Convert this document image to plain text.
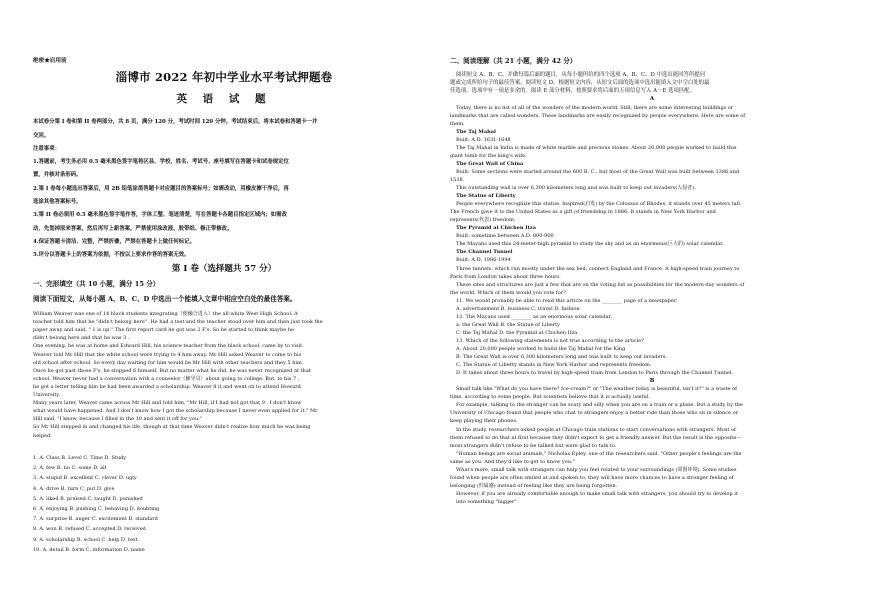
绝密★启用前
淄博市 2022 年初中学业水平考试押题卷
英 语 试 题
本试卷分第 I 卷和第 II 卷两部分，共 8 页，满分 120 分，考试时间 120 分钟。考试结束后，将本试卷和答题卡一并
交回。
注意事项：
1.答题前，考生务必用 0.5 毫米黑色签字笔将区县、学校、姓名、考试号、座号填写在答题卡和试卷规定位
置，并核对条形码。
2.第 I 卷每小题选出答案后，用 2B 铅笔涂黑答题卡对应题目的答案标号；如需改动，用橡皮擦干净后，再
选涂其他答案标号。
3.第 II 卷必须用 0.5 毫米黑色签字笔作答，字体工整、笔迹清楚，写在答题卡各题目指定区域内；如需改
动，先划掉原来答案，然后再写上新答案。严禁使用涂改液、胶带纸、修正带修改。
4.保证答题卡清洁、完整，严禁折叠，严禁在答题卡上做任何标记。
5.评分以答题卡上的答案为依据，不按以上要求作答的答案无效。
第 I 卷（选择题共 57 分）
一、完形填空（共 10 小题，满分 15 分）
阅读下面短文，从每小题 A、B、C、D 中选出一个能填入文章中相应空白处的最佳答案。
William Weaver was one of 14 black students integrating（使融合进入）the all-white West High School. A
teacher told him that he "didn't belong here". He had a test and the teacher stood over him and then just took the
paper away and said, " 1 is up." The first report card he got was 2 F's. So he started to think maybe he
didn't belong here and that he was 3 .
One evening, he was at home and Edward Hill, his science teacher from the black school, came by to visit.
Weaver told Mr Hill that the white school were trying to 4 him away. Mr Hill asked Weaver to come to his
old school after school. So every day waiting for him would be Mr Hill with other teachers and they 5 him.
Once he got past those F's, he stopped 6 himself. But no matter what he did, he was never recognized at that
school. Weaver never had a conversation with a counselor（辅导员）about going to college. But, to his 7 ,
he got a letter telling him he had been awarded a scholarship. Weaver 8 it and went on to attend Howard
University.
Many years later, Weaver came across Mr Hill and told him, "Mr Hill, if I had not got that 9 , I don't know
what would have happened. And I don't know how I got the scholarship because I never even applied for it." Mr
Hill said, "I know, because I filled in the 10 and sent it off for you."
So Mr Hill stepped in and changed his life, though at that time Weaver didn't realize how much he was being
helped.
1. A. Class B. Level C. Time D. Study
2. A. few B. no C. some D. all
3. A. stupid B. excellent C. clever D. ugly
4. A. drive B. turn C. put D. give
5. A. liked B. praised C. taught D. punished
6. A. enjoying B. pushing C. behaving D. doubting
7. A. surprise B. anger C. excitement D. standard
8. A. won B. refused C. accepted D. received
9. A. scholarship B. school C. help D. test
10. A. detail B. form C. information D. name
二、阅读理解（共 21 小题，满分 42 分）
阅读短文 A、B、C，并做每篇后面的题目，从每小题所给的四个选项 A、B、C、D 中选出能回答所提问
题或完成所给句子的最佳答案。阅读短文 D，根据短文内容，从短文后面的选项中选出能填入文中空白处的最
佳选项。选项中有一项是多余的。阅读 E 部分材料，按照要求将后面的五项信息写入 A～E 选项匹配。
A
Today, there is no list of all of the wonders of the modern world. Still, there are some interesting buildings or
landmarks that are called wonders. These landmarks are easily recognized by people everywhere. Here are some of
them.
The Taj Mahal
Built: A.D. 1631-1648
The Taj Mahal in India is made of white marble and precious stones. About 20,000 people worked to build this
giant tomb for the king's wife.
The Great Wall of China
Built: Some sections were started around the 600 B. C., but most of the Great Wall was built between 1386 and
1538.
This outstanding wall is over 6,300 kilometers long and was built to keep out invaders(入侵者).
The Statue of Liberty
People everywhere recognize this statue. Inspired(启发) by the Colossus of Rhodes, it stands over 45 meters tall.
The French gave it to the United States as a gift of friendship in 1886. It stands in New York Harbor and
represents(代表) freedom.
The Pyramid at Chichen Itza
Built: sometime between A.D. 800-900
The Mayans used this 24-meter-high pyramid to study the sky and as an enormous(巨大的) solar calendar.
The Channel Tunnel
Built: A.D. 1986-1994
Three tunnels, which run mostly under the sea bed, connect England and France. A high-speed train journey to
Paris from London takes about three hours.
These sites and structures are just a few that are on the voting list as possibilities for the modern-day wonders of
the world. Which of them would you vote for?
11. We would probably be able to read this article on the ________ page of a newspaper.
A. advertisement B. business C. travel D. fashion
12. The Mayans used ________ as an enormous solar calendar.
a. the Great Wall B. the Statue of Liberty
C. the Taj Mahal D. the Pyramid at Chichen Itza
13. Which of the following statements is not true according to the article?
A. About 20,000 people worked to build the Taj Mahal for the King.
B. The Great Wall is over 6,300 kilometers long and was built to keep out invaders.
C. The Statue of Liberty stands in New York Harbor and represents freedom.
D. It takes about three hours to travel by high-speed train from London to Paris through the Channel Tunnel.
B
Small talk like "What do you have there? Ice-cream?" or "The weather today is beautiful, isn't it?" is a waste of
time, according to some people. But scientists believe that it is actually useful.
For example, talking to the stranger can be scary and silly when you are on a train or a plane. But a study by the
University of Chicago found that people who chat to strangers enjoy a better ride than those who sit in silence or
keep playing their phones.
In the study, researchers asked people at Chicago train stations to start conversations with strangers. Most of
them refused to do that at first because they didn't expect to get a friendly answer. But the result is the opposite—
most strangers didn't refuse to be talked but were glad to talk to.
"Human beings are social animals," Nicholas Epley, one of the researchers said. "Other people's feelings are the
same as you. And they'd like to get to know you."
What's more, small talk with strangers can help you feel related to your surroundings (周围环境). Some studies
found when people are often smiled at and spoken to, they will have more chances to have a stronger feeling of
belonging (归属感) instead of feeling like they are being forgotten.
However, if you are already comfortable enough to make small talk with strangers, you should try to develop it
into something "bigger".
